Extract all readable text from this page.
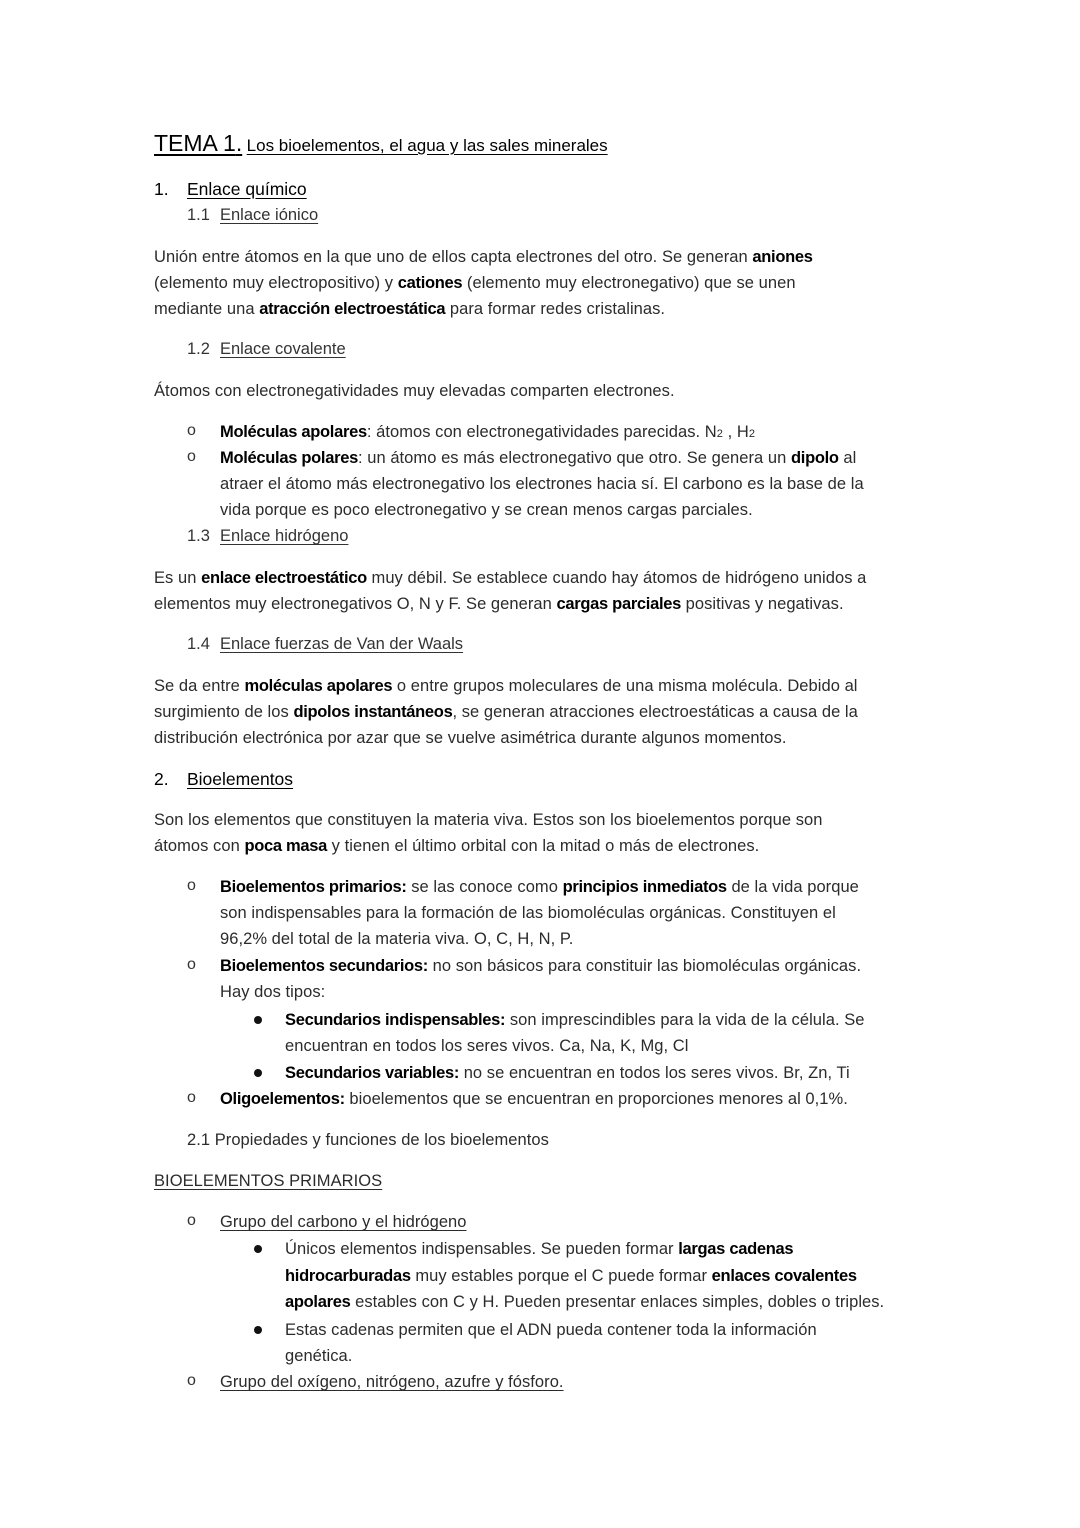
TEMA 1. Los bioelementos, el agua y las sales minerales
1. Enlace químico
1.1 Enlace iónico
Unión entre átomos en la que uno de ellos capta electrones del otro. Se generan aniones
(elemento muy electropositivo) y cationes (elemento muy electronegativo) que se unen
mediante una atracción electroestática para formar redes cristalinas.
1.2 Enlace covalente
Átomos con electronegatividades muy elevadas comparten electrones.
o Moléculas apolares: átomos con electronegatividades parecidas. N2 , H2
o Moléculas polares: un átomo es más electronegativo que otro. Se genera un dipolo al
atraer el átomo más electronegativo los electrones hacia sí. El carbono es la base de la
vida porque es poco electronegativo y se crean menos cargas parciales.
1.3 Enlace hidrógeno
Es un enlace electroestático muy débil. Se establece cuando hay átomos de hidrógeno unidos a
elementos muy electronegativos O, N y F. Se generan cargas parciales positivas y negativas.
1.4 Enlace fuerzas de Van der Waals
Se da entre moléculas apolares o entre grupos moleculares de una misma molécula. Debido al
surgimiento de los dipolos instantáneos, se generan atracciones electroestáticas a causa de la
distribución electrónica por azar que se vuelve asimétrica durante algunos momentos.
2. Bioelementos
Son los elementos que constituyen la materia viva. Estos son los bioelementos porque son
átomos con poca masa y tienen el último orbital con la mitad o más de electrones.
o Bioelementos primarios: se las conoce como principios inmediatos de la vida porque
son indispensables para la formación de las biomoléculas orgánicas. Constituyen el
96,2% del total de la materia viva. O, C, H, N, P.
o Bioelementos secundarios: no son básicos para constituir las biomoléculas orgánicas.
Hay dos tipos:
Secundarios indispensables: son imprescindibles para la vida de la célula. Se
encuentran en todos los seres vivos. Ca, Na, K, Mg, Cl
Secundarios variables: no se encuentran en todos los seres vivos. Br, Zn, Ti
o Oligoelementos: bioelementos que se encuentran en proporciones menores al 0,1%.
2.1 Propiedades y funciones de los bioelementos
BIOELEMENTOS PRIMARIOS
o Grupo del carbono y el hidrógeno
Únicos elementos indispensables. Se pueden formar largas cadenas
hidrocarburadas muy estables porque el C puede formar enlaces covalentes
apolares estables con C y H. Pueden presentar enlaces simples, dobles o triples.
Estas cadenas permiten que el ADN pueda contener toda la información
genética.
o Grupo del oxígeno, nitrógeno, azufre y fósforo.
